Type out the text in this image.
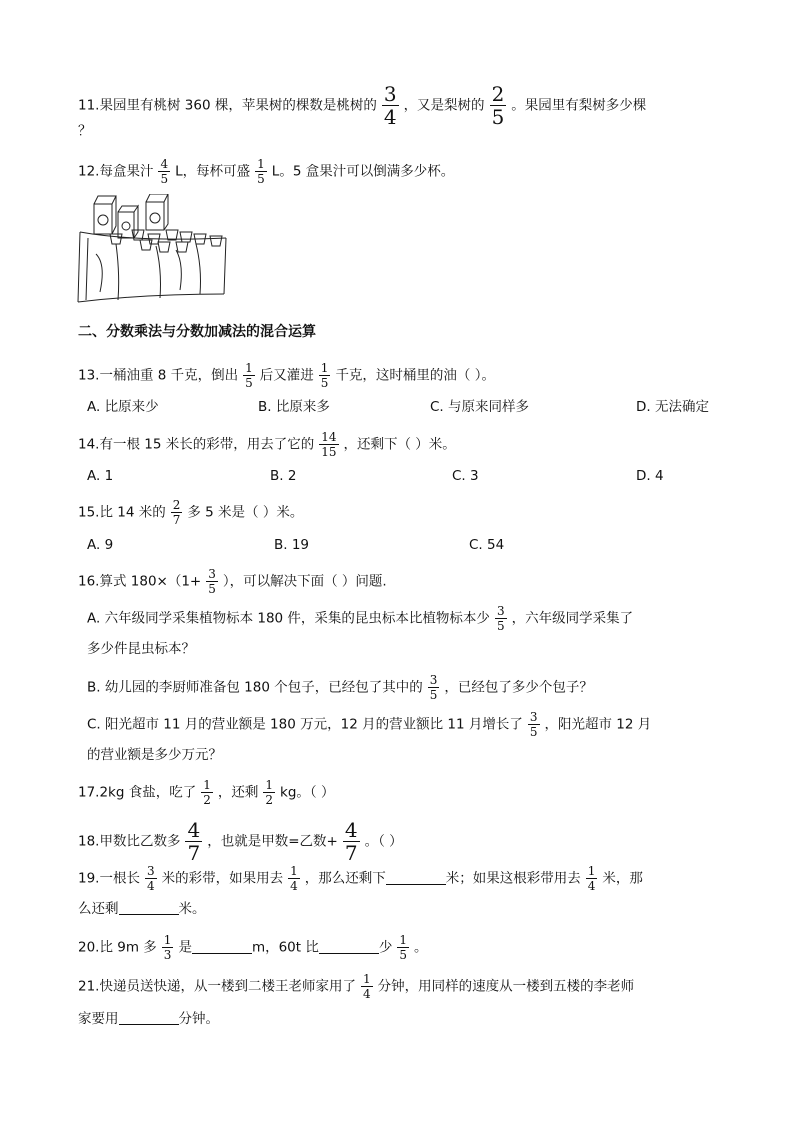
11.果园里有桃树 360 棵，苹果树的棵数是桃树的 $\frac{3}{4}$ ，又是梨树的 $\frac{2}{5}$ 。果园里有梨树多少棵
？
12.每盒果汁 $\frac{4}{5}$ L，每杯可盛 $\frac{1}{5}$ L。5 盒果汁可以倒满多少杯。
二、分数乘法与分数加减法的混合运算
13.一桶油重 8 千克，倒出 $\frac{1}{5}$ 后又灌进 $\frac{1}{5}$ 千克，这时桶里的油（ ）。
A. 比原来少	B. 比原来多	C. 与原来同样多	D. 无法确定
14.有一根 15 米长的彩带，用去了它的 $\frac{14}{15}$ ，还剩下（ ）米。
A. 1	B. 2	C. 3	D. 4
15.比 14 米的 $\frac{2}{7}$ 多 5 米是（ ）米。
A. 9	B. 19	C. 54
16.算式 $180\times(1+ \frac{3}{5}$ ），可以解决下面（ ）问题.
A. 六年级同学采集植物标本 180 件，采集的昆虫标本比植物标本少 $\frac{3}{5}$ ，六年级同学采集了
多少件昆虫标本？
B. 幼儿园的李厨师准备包 180 个包子，已经包了其中的 $\frac{3}{5}$ ，已经包了多少个包子？
C. 阳光超市 11 月的营业额是 180 万元，12 月的营业额比 11 月增长了 $\frac{3}{5}$ ，阳光超市 12 月
的营业额是多少万元？
17.2kg 食盐，吃了 $\frac{1}{2}$ ，还剩 $\frac{1}{2}$ kg。（ ）
18.甲数比乙数多 $\frac{4}{7}$ ，也就是甲数=乙数+ $\frac{4}{7}$ 。（ ）
19.一根长 $\frac{3}{4}$ 米的彩带，如果用去 $\frac{1}{4}$ ，那么还剩下	米；如果这根彩带用去 $\frac{1}{4}$ 米，那
么还剩	米。
20.比 9m 多 $\frac{1}{3}$ 是	m，60t 比	少 $\frac{1}{5}$ 。
21.快递员送快递，从一楼到二楼王老师家用了 $\frac{1}{4}$ 分钟，用同样的速度从一楼到五楼的李老师
家要用	分钟。
